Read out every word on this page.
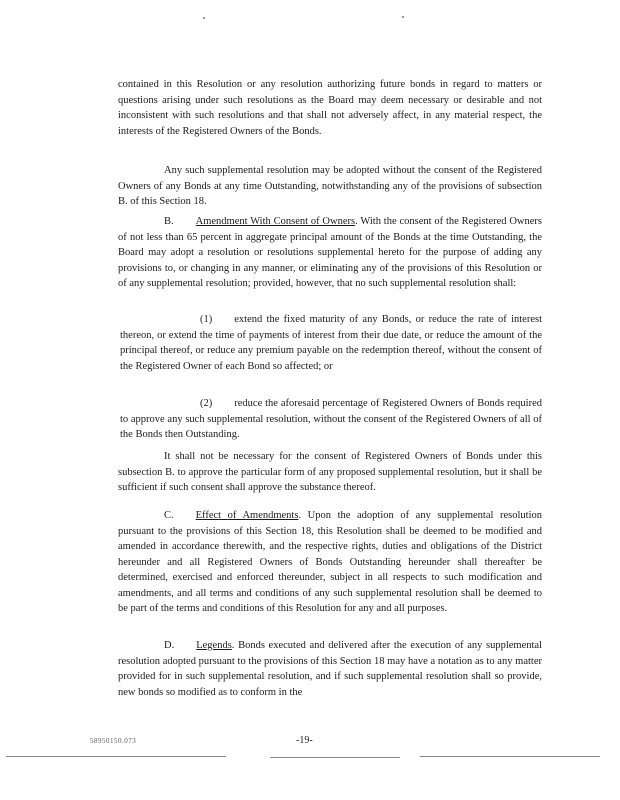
contained in this Resolution or any resolution authorizing future bonds in regard to matters or questions arising under such resolutions as the Board may deem necessary or desirable and not inconsistent with such resolutions and that shall not adversely affect, in any material respect, the interests of the Registered Owners of the Bonds.

Any such supplemental resolution may be adopted without the consent of the Registered Owners of any Bonds at any time Outstanding, notwithstanding any of the provisions of subsection B. of this Section 18.

B. Amendment With Consent of Owners. With the consent of the Registered Owners of not less than 65 percent in aggregate principal amount of the Bonds at the time Outstanding, the Board may adopt a resolution or resolutions supplemental hereto for the purpose of adding any provisions to, or changing in any manner, or eliminating any of the provisions of this Resolution or of any supplemental resolution; provided, however, that no such supplemental resolution shall:

(1) extend the fixed maturity of any Bonds, or reduce the rate of interest thereon, or extend the time of payments of interest from their due date, or reduce the amount of the principal thereof, or reduce any premium payable on the redemption thereof, without the consent of the Registered Owner of each Bond so affected; or

(2) reduce the aforesaid percentage of Registered Owners of Bonds required to approve any such supplemental resolution, without the consent of the Registered Owners of all of the Bonds then Outstanding.

It shall not be necessary for the consent of Registered Owners of Bonds under this subsection B. to approve the particular form of any proposed supplemental resolution, but it shall be sufficient if such consent shall approve the substance thereof.

C. Effect of Amendments. Upon the adoption of any supplemental resolution pursuant to the provisions of this Section 18, this Resolution shall be deemed to be modified and amended in accordance therewith, and the respective rights, duties and obligations of the District hereunder and all Registered Owners of Bonds Outstanding hereunder shall thereafter be determined, exercised and enforced thereunder, subject in all respects to such modification and amendments, and all terms and conditions of any such supplemental resolution shall be deemed to be part of the terms and conditions of this Resolution for any and all purposes.

D. Legends. Bonds executed and delivered after the execution of any supplemental resolution adopted pursuant to the provisions of this Section 18 may have a notation as to any matter provided for in such supplemental resolution, and if such supplemental resolution shall so provide, new bonds so modified as to conform in the

58950150.073	-19-
